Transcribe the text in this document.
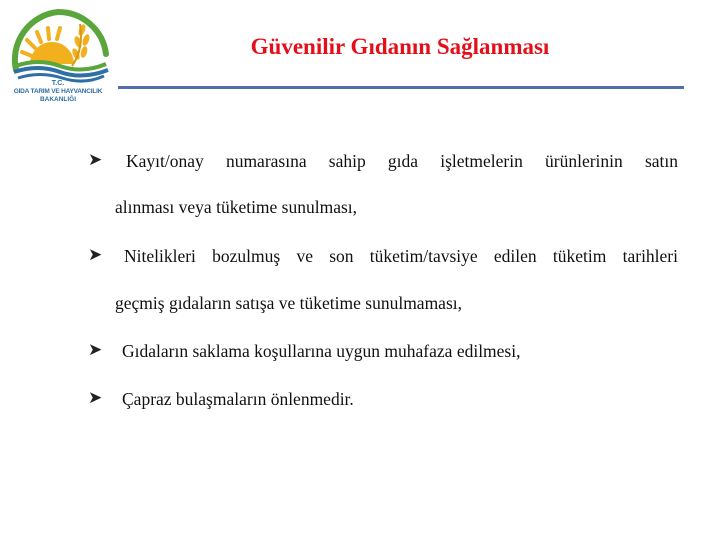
T.C.
GIDA TARIM VE HAYVANCILIK
BAKANLIĞI
Güvenilir Gıdanın Sağlanması
➤ Kayıt/onay numarasına sahip gıda işletmelerin ürünlerinin satın
alınması veya tüketime sunulması,
➤ Nitelikleri bozulmuş ve son tüketim/tavsiye edilen tüketim tarihleri
geçmiş gıdaların satışa ve tüketime sunulmaması,
➤ Gıdaların saklama koşullarına uygun muhafaza edilmesi,
➤ Çapraz bulaşmaların önlenmedir.
